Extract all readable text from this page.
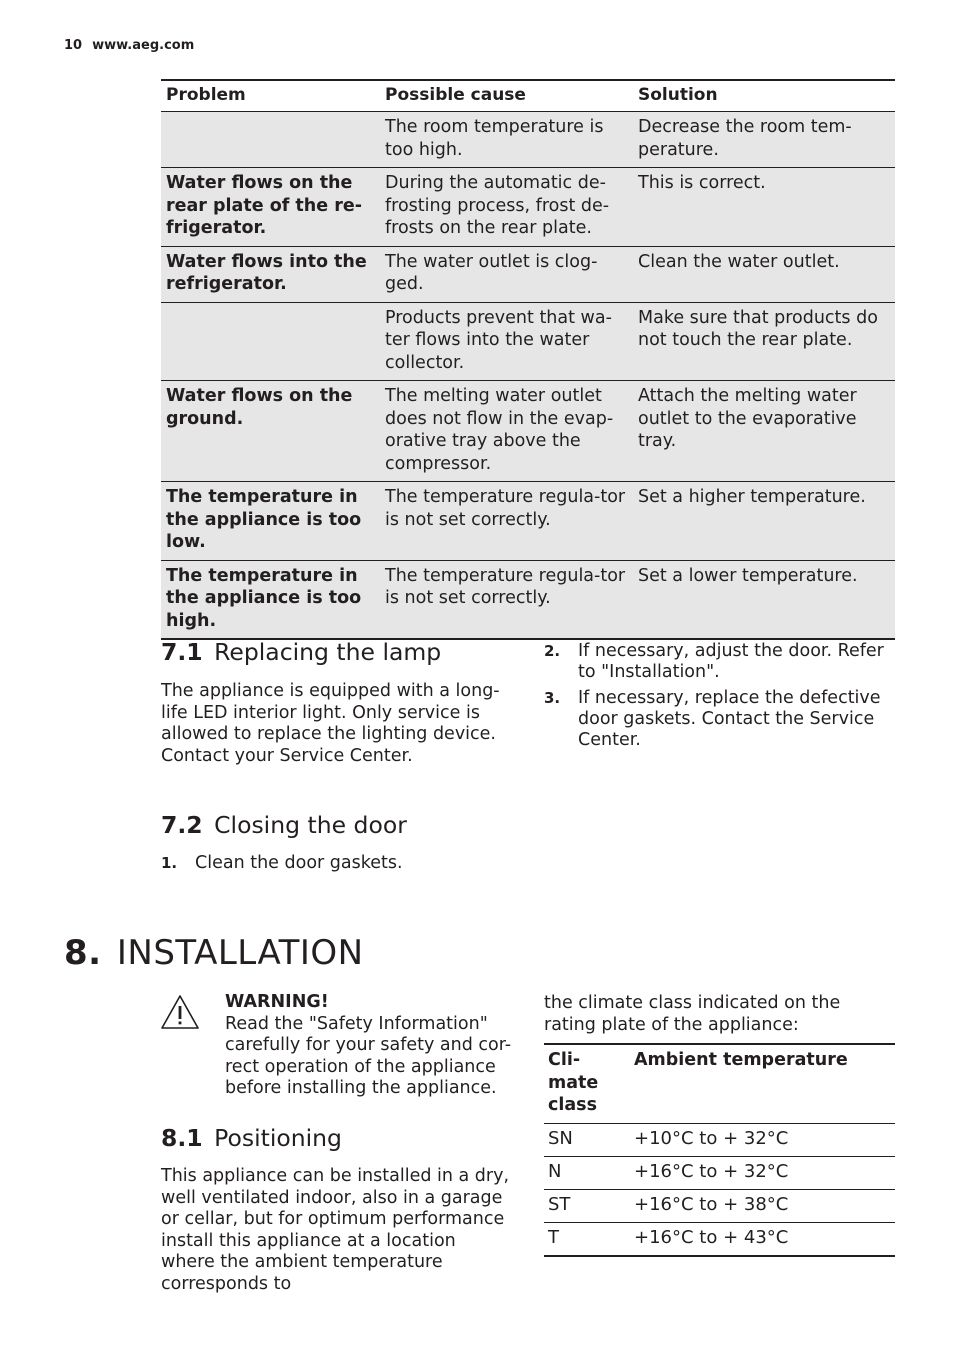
10 www.aeg.com
Problem	Possible cause	Solution
	The room temperature is too high.	Decrease the room tem-perature.
Water flows on the rear plate of the re-frigerator.	During the automatic de-frosting process, frost de-frosts on the rear plate.	This is correct.
Water flows into the refrigerator.	The water outlet is clog-ged.	Clean the water outlet.
	Products prevent that wa-ter flows into the water collector.	Make sure that products do not touch the rear plate.
Water flows on the ground.	The melting water outlet does not flow in the evap-orative tray above the compressor.	Attach the melting water outlet to the evaporative tray.
The temperature in the appliance is too low.	The temperature regula-tor is not set correctly.	Set a higher temperature.
The temperature in the appliance is too high.	The temperature regula-tor is not set correctly.	Set a lower temperature.
7.1 Replacing the lamp

The appliance is equipped with a long-life LED interior light. Only service is allowed to replace the lighting device. Contact your Service Center.

7.2 Closing the door
1. Clean the door gaskets.
2. If necessary, adjust the door. Refer to "Installation".
3. If necessary, replace the defective door gaskets. Contact the Service Center.
8. INSTALLATION
WARNING!
Read the "Safety Information" carefully for your safety and cor-rect operation of the appliance before installing the appliance.
8.1 Positioning

This appliance can be installed in a dry, well ventilated indoor, also in a garage or cellar, but for optimum performance install this appliance at a location where the ambient temperature corresponds to

the climate class indicated on the rating plate of the appliance:

Cli-mate class	Ambient temperature
SN	+10°C to + 32°C
N	+16°C to + 32°C
ST	+16°C to + 38°C
T	+16°C to + 43°C
